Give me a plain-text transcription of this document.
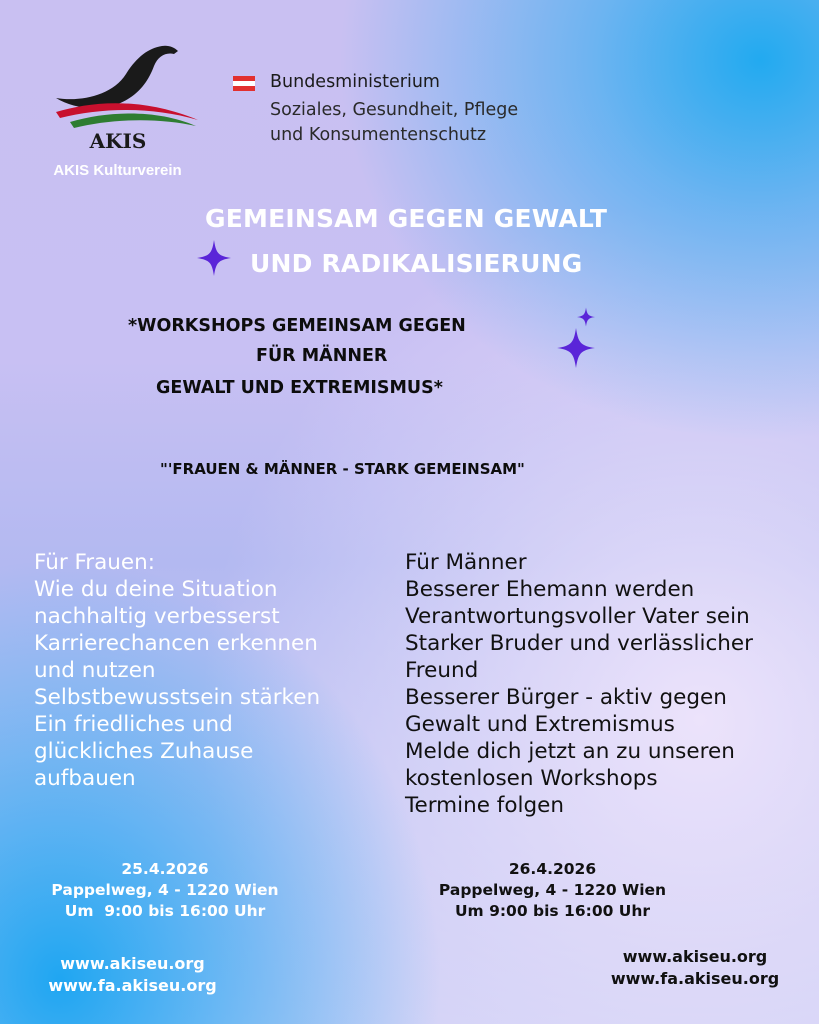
AKIS
AKIS Kulturverein
Bundesministerium
Soziales, Gesundheit, Pflege
und Konsumentenschutz
GEMEINSAM GEGEN GEWALT
UND RADIKALISIERUNG
*WORKSHOPS GEMEINSAM GEGEN
FÜR MÄNNER
GEWALT UND EXTREMISMUS*
"'FRAUEN & MÄNNER - STARK GEMEINSAM"
Für Frauen:
Wie du deine Situation
nachhaltig verbesserst
Karrierechancen erkennen
und nutzen
Selbstbewusstsein stärken
Ein friedliches und
glückliches Zuhause
aufbauen
Für Männer
Besserer Ehemann werden
Verantwortungsvoller Vater sein
Starker Bruder und verlässlicher
Freund
Besserer Bürger - aktiv gegen
Gewalt und Extremismus
Melde dich jetzt an zu unseren
kostenlosen Workshops
Termine folgen
25.4.2026
Pappelweg, 4 - 1220 Wien
Um  9:00 bis 16:00 Uhr
26.4.2026
Pappelweg, 4 - 1220 Wien
Um 9:00 bis 16:00 Uhr
www.akiseu.org
www.fa.akiseu.org
www.akiseu.org
www.fa.akiseu.org
